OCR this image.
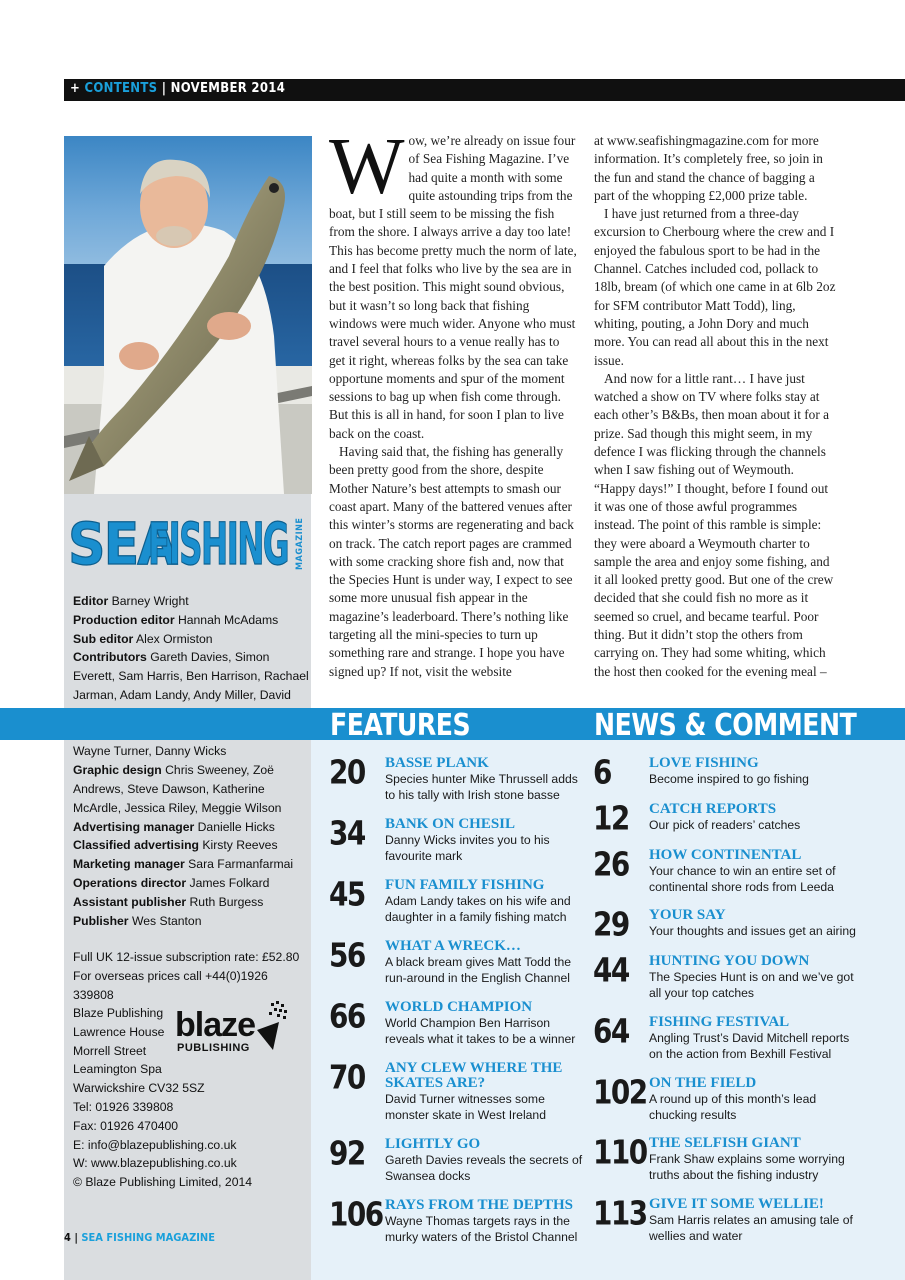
+ CONTENTS | NOVEMBER 2014
SEA
FISHING MAGAZINE
Editor Barney Wright
Production editor Hannah McAdams
Sub editor Alex Ormiston
Contributors Gareth Davies, Simon Everett, Sam Harris, Ben Harrison, Rachael Jarman, Adam Landy, Andy Miller, David Wayne Turner, Danny Wicks
Graphic design Chris Sweeney, Zoë Andrews, Steve Dawson, Katherine McArdle, Jessica Riley, Meggie Wilson
Advertising manager Danielle Hicks
Classified advertising Kirsty Reeves
Marketing manager Sara Farmanfarmai
Operations director James Folkard
Assistant publisher Ruth Burgess
Publisher Wes Stanton

Full UK 12-issue subscription rate: £52.80
For overseas prices call +44(0)1926 339808
Blaze Publishing
Lawrence House
Morrell Street
Leamington Spa
Warwickshire CV32 5SZ
Tel: 01926 339808
Fax: 01926 470400
E: info@blazepublishing.co.uk
W: www.blazepublishing.co.uk
© Blaze Publishing Limited, 2014
blaze
PUBLISHING
4 | SEA FISHING MAGAZINE

Wow, we’re already on issue four of Sea Fishing Magazine. I’ve had quite a month with some quite astounding trips from the boat, but I still seem to be missing the fish from the shore. I always arrive a day too late! This has become pretty much the norm of late, and I feel that folks who live by the sea are in the best position. This might sound obvious, but it wasn’t so long back that fishing windows were much wider. Anyone who must travel several hours to a venue really has to get it right, whereas folks by the sea can take opportune moments and spur of the moment sessions to bag up when fish come through. But this is all in hand, for soon I plan to live back on the coast.

Having said that, the fishing has generally been pretty good from the shore, despite Mother Nature’s best attempts to smash our coast apart. Many of the battered venues after this winter’s storms are regenerating and back on track. The catch report pages are crammed with some cracking shore fish and, now that the Species Hunt is under way, I expect to see some more unusual fish appear in the magazine’s leaderboard. There’s nothing like targeting all the mini-species to turn up something rare and strange. I hope you have signed up? If not, visit the website

at www.seafishingmagazine.com for more information. It’s completely free, so join in the fun and stand the chance of bagging a part of the whopping £2,000 prize table.

I have just returned from a three-day excursion to Cherbourg where the crew and I enjoyed the fabulous sport to be had in the Channel. Catches included cod, pollack to 18lb, bream (of which one came in at 6lb 2oz for SFM contributor Matt Todd), ling, whiting, pouting, a John Dory and much more. You can read all about this in the next issue.

And now for a little rant… I have just watched a show on TV where folks stay at each other’s B&Bs, then moan about it for a prize. Sad though this might seem, in my defence I was flicking through the channels when I saw fishing out of Weymouth. “Happy days!” I thought, before I found out it was one of those awful programmes instead. The point of this ramble is simple: they were aboard a Weymouth charter to sample the area and enjoy some fishing, and it all looked pretty good. But one of the crew decided that she could fish no more as it seemed so cruel, and became tearful. Poor thing. But it didn’t stop the others from carrying on. They had some whiting, which the host then cooked for the evening meal –

FEATURES	NEWS & COMMENT
20 BASSE PLANK
Species hunter Mike Thrussell adds
to his tally with Irish stone basse
34 BANK ON CHESIL
Danny Wicks invites you to his
favourite mark
45 FUN FAMILY FISHING
Adam Landy takes on his wife and
daughter in a family fishing match
56 WHAT A WRECK…
A black bream gives Matt Todd the
run-around in the English Channel
66 WORLD CHAMPION
World Champion Ben Harrison
reveals what it takes to be a winner
70 ANY CLEW WHERE THE
SKATES ARE?
David Turner witnesses some
monster skate in West Ireland
92 LIGHTLY GO
Gareth Davies reveals the secrets of
Swansea docks
106 RAYS FROM THE DEPTHS
Wayne Thomas targets rays in the
murky waters of the Bristol Channel
6	LOVE FISHING
Become inspired to go fishing
12 CATCH REPORTS
Our pick of readers’ catches
26 HOW CONTINENTAL
Your chance to win an entire set of
continental shore rods from Leeda
29 YOUR SAY
Your thoughts and issues get an airing
44 HUNTING YOU DOWN
The Species Hunt is on and we’ve got
all your top catches
64 FISHING FESTIVAL
Angling Trust’s David Mitchell reports
on the action from Bexhill Festival
102 ON THE FIELD
A round up of this month’s lead
chucking results
110 THE SELFISH GIANT
Frank Shaw explains some worrying
truths about the fishing industry
113 GIVE IT SOME WELLIE!
Sam Harris relates an amusing tale of
wellies and water
